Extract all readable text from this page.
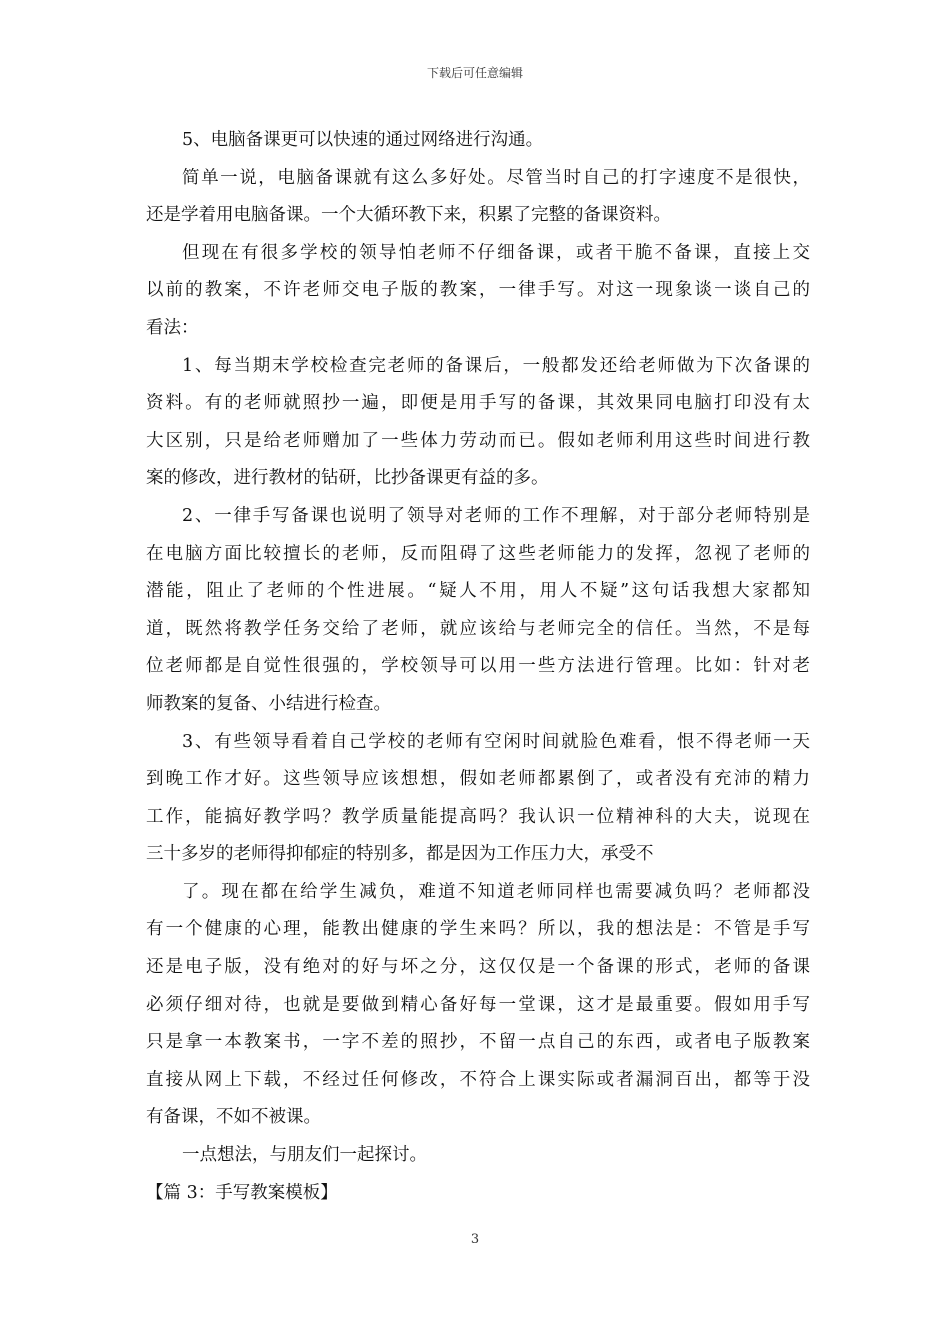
下载后可任意编辑
5、电脑备课更可以快速的通过网络进行沟通。
简单一说，电脑备课就有这么多好处。尽管当时自己的打字速度不是很快，
还是学着用电脑备课。一个大循环教下来，积累了完整的备课资料。
但现在有很多学校的领导怕老师不仔细备课，或者干脆不备课，直接上交
以前的教案，不许老师交电子版的教案，一律手写。对这一现象谈一谈自己的
看法：
1、每当期末学校检查完老师的备课后，一般都发还给老师做为下次备课的
资料。有的老师就照抄一遍，即便是用手写的备课，其效果同电脑打印没有太
大区别，只是给老师赠加了一些体力劳动而已。假如老师利用这些时间进行教
案的修改，进行教材的钻研，比抄备课更有益的多。
2、一律手写备课也说明了领导对老师的工作不理解，对于部分老师特别是
在电脑方面比较擅长的老师，反而阻碍了这些老师能力的发挥，忽视了老师的
潜能，阻止了老师的个性进展。“疑人不用，用人不疑”这句话我想大家都知
道，既然将教学任务交给了老师，就应该给与老师完全的信任。当然，不是每
位老师都是自觉性很强的，学校领导可以用一些方法进行管理。比如：针对老
师教案的复备、小结进行检查。
3、有些领导看着自己学校的老师有空闲时间就脸色难看，恨不得老师一天
到晚工作才好。这些领导应该想想，假如老师都累倒了，或者没有充沛的精力
工作，能搞好教学吗？教学质量能提高吗？我认识一位精神科的大夫，说现在
三十多岁的老师得抑郁症的特别多，都是因为工作压力大，承受不
了。现在都在给学生减负，难道不知道老师同样也需要减负吗？老师都没
有一个健康的心理，能教出健康的学生来吗？所以，我的想法是：不管是手写
还是电子版，没有绝对的好与坏之分，这仅仅是一个备课的形式，老师的备课
必须仔细对待，也就是要做到精心备好每一堂课，这才是最重要。假如用手写
只是拿一本教案书，一字不差的照抄，不留一点自己的东西，或者电子版教案
直接从网上下载，不经过任何修改，不符合上课实际或者漏洞百出，都等于没
有备课，不如不被课。
一点想法，与朋友们一起探讨。
【篇 3：手写教案模板】
3
